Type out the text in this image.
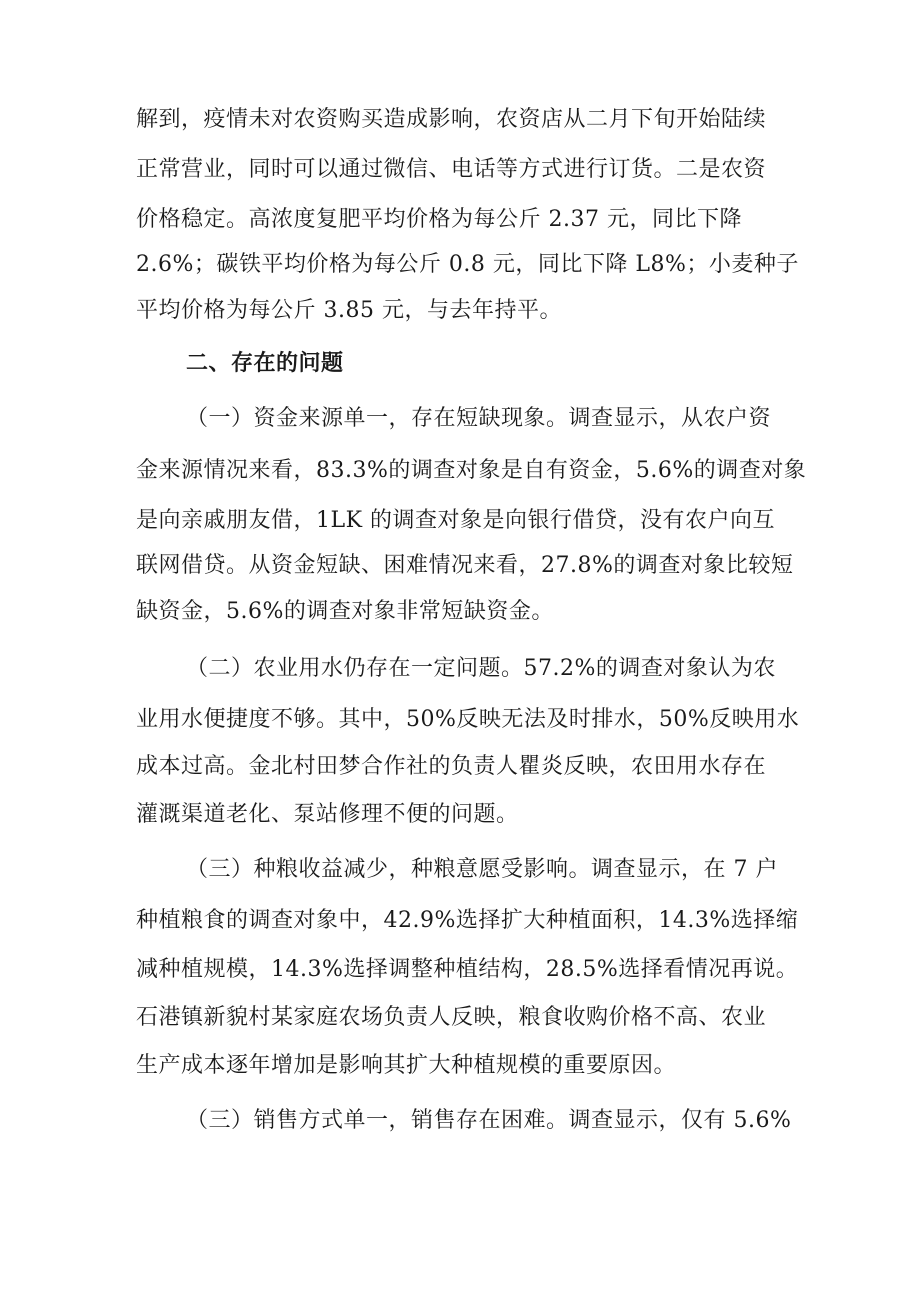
解到，疫情未对农资购买造成影响，农资店从二月下旬开始陆续
正常营业，同时可以通过微信、电话等方式进行订货。二是农资
价格稳定。高浓度复肥平均价格为每公斤 2.37 元，同比下降
2.6%；碳铁平均价格为每公斤 0.8 元，同比下降 L8%；小麦种子
平均价格为每公斤 3.85 元，与去年持平。
二、存在的问题
（一）资金来源单一，存在短缺现象。调查显示，从农户资
金来源情况来看，83.3%的调查对象是自有资金，5.6%的调查对象
是向亲戚朋友借，1LK 的调查对象是向银行借贷，没有农户向互
联网借贷。从资金短缺、困难情况来看，27.8%的调查对象比较短
缺资金，5.6%的调查对象非常短缺资金。
（二）农业用水仍存在一定问题。57.2%的调查对象认为农
业用水便捷度不够。其中，50%反映无法及时排水，50%反映用水
成本过高。金北村田梦合作社的负责人瞿炎反映，农田用水存在
灌溉渠道老化、泵站修理不便的问题。
（三）种粮收益减少，种粮意愿受影响。调查显示，在 7 户
种植粮食的调查对象中，42.9%选择扩大种植面积，14.3%选择缩
减种植规模，14.3%选择调整种植结构，28.5%选择看情况再说。
石港镇新貌村某家庭农场负责人反映，粮食收购价格不高、农业
生产成本逐年增加是影响其扩大种植规模的重要原因。
（三）销售方式单一，销售存在困难。调查显示，仅有 5.6%
